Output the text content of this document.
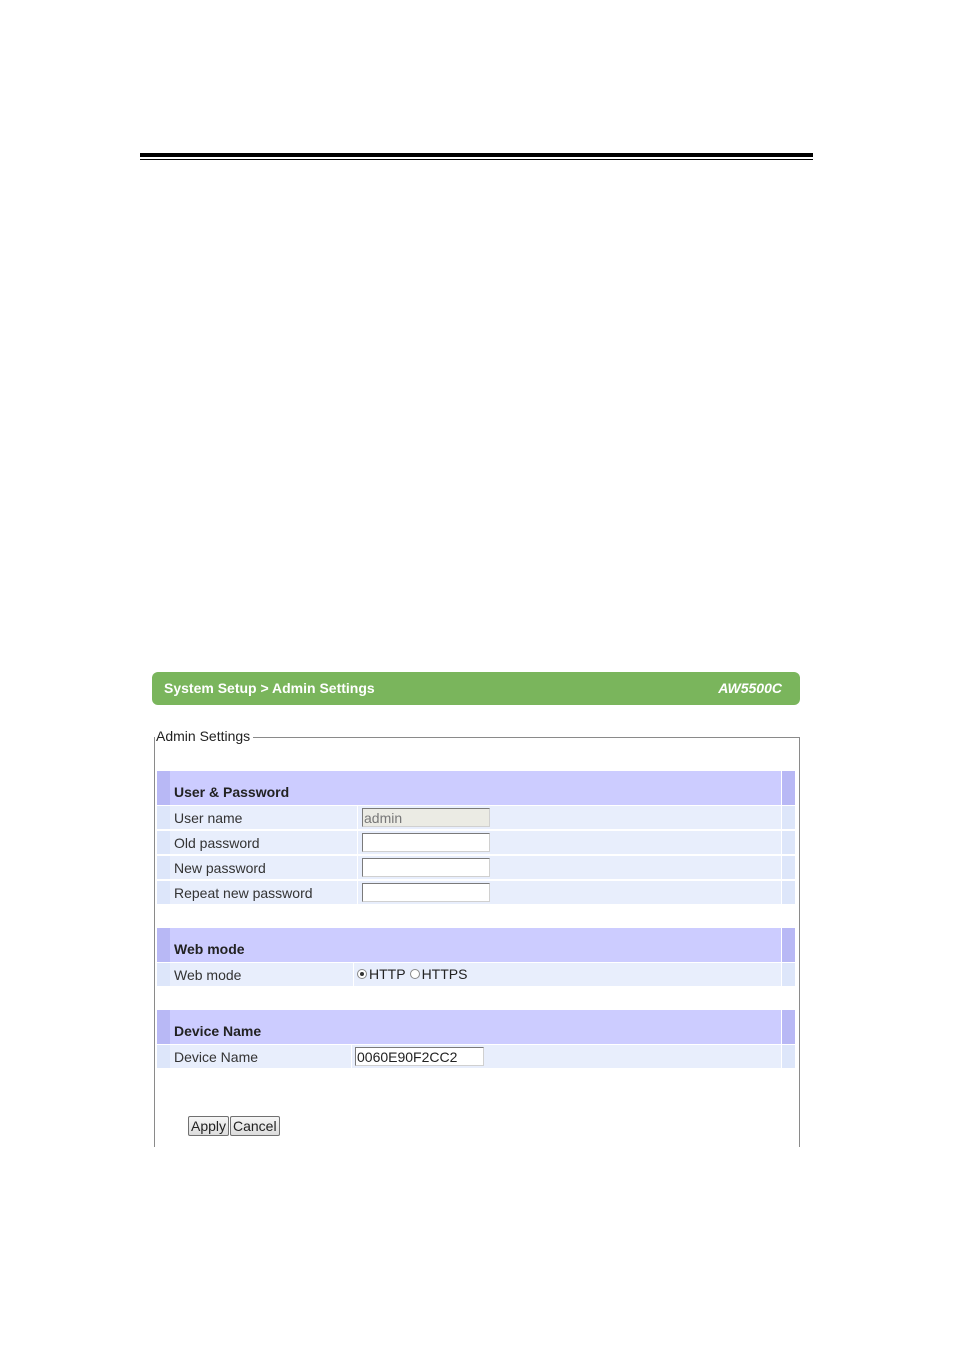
System Setup > Admin Settings	AW5500C
Admin Settings
User & Password
User name
admin
Old password
New password
Repeat new password
Web mode
Web mode	HTTP HTTPS
Device Name
Device Name
0060E90F2CC2
Apply Cancel
